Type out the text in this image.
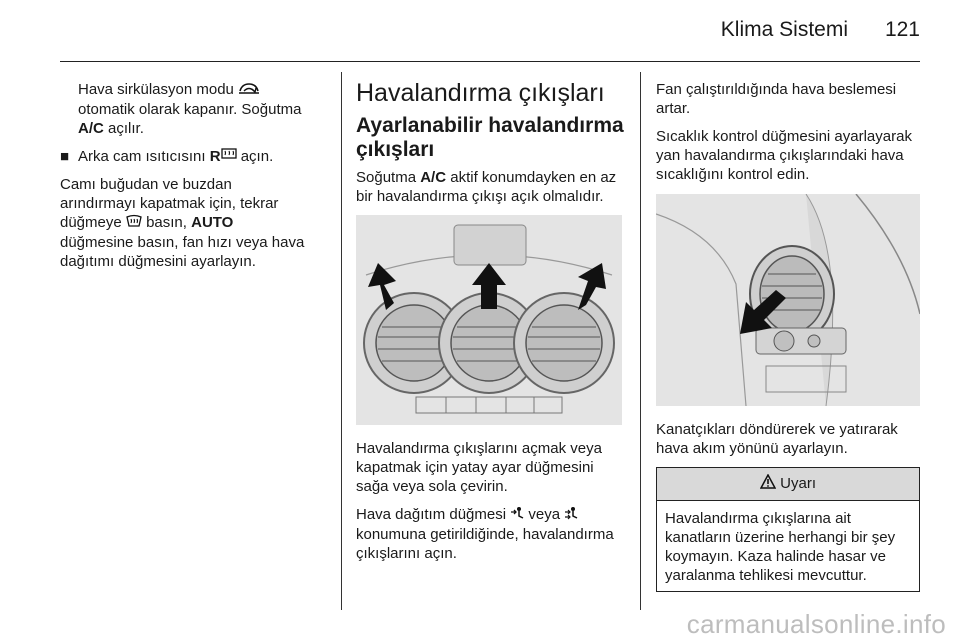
Klima Sistemi 121

Hava sirkülasyon modu
otomatik olarak kapanır. Soğutma
A/C açılır.

■ Arka cam ısıtıcısını R açın.

Camı buğudan ve buzdan
arındırmayı kapatmak için, tekrar
düğmeye basın, AUTO
düğmesine basın, fan hızı veya hava dağıtımı düğmesini ayarlayın.

Havalandırma çıkışları
Ayarlanabilir havalandırma çıkışları

Soğutma A/C aktif konumdayken en az bir havalandırma çıkışı açık olmalıdır.

Havalandırma çıkışlarını açmak veya kapatmak için yatay ayar düğmesini sağa veya sola çevirin.

Hava dağıtım düğmesi veya
konumuna getirildiğinde, havalandırma çıkışlarını açın.

Fan çalıştırıldığında hava beslemesi artar.

Sıcaklık kontrol düğmesini ayarlayarak yan havalandırma çıkışlarındaki hava sıcaklığını kontrol edin.

Kanatçıkları döndürerek ve yatırarak hava akım yönünü ayarlayın.

Uyarı
Havalandırma çıkışlarına ait kanatların üzerine herhangi bir şey koymayın. Kaza halinde hasar ve yaralanma tehlikesi mevcuttur.
carmanualsonline.info
